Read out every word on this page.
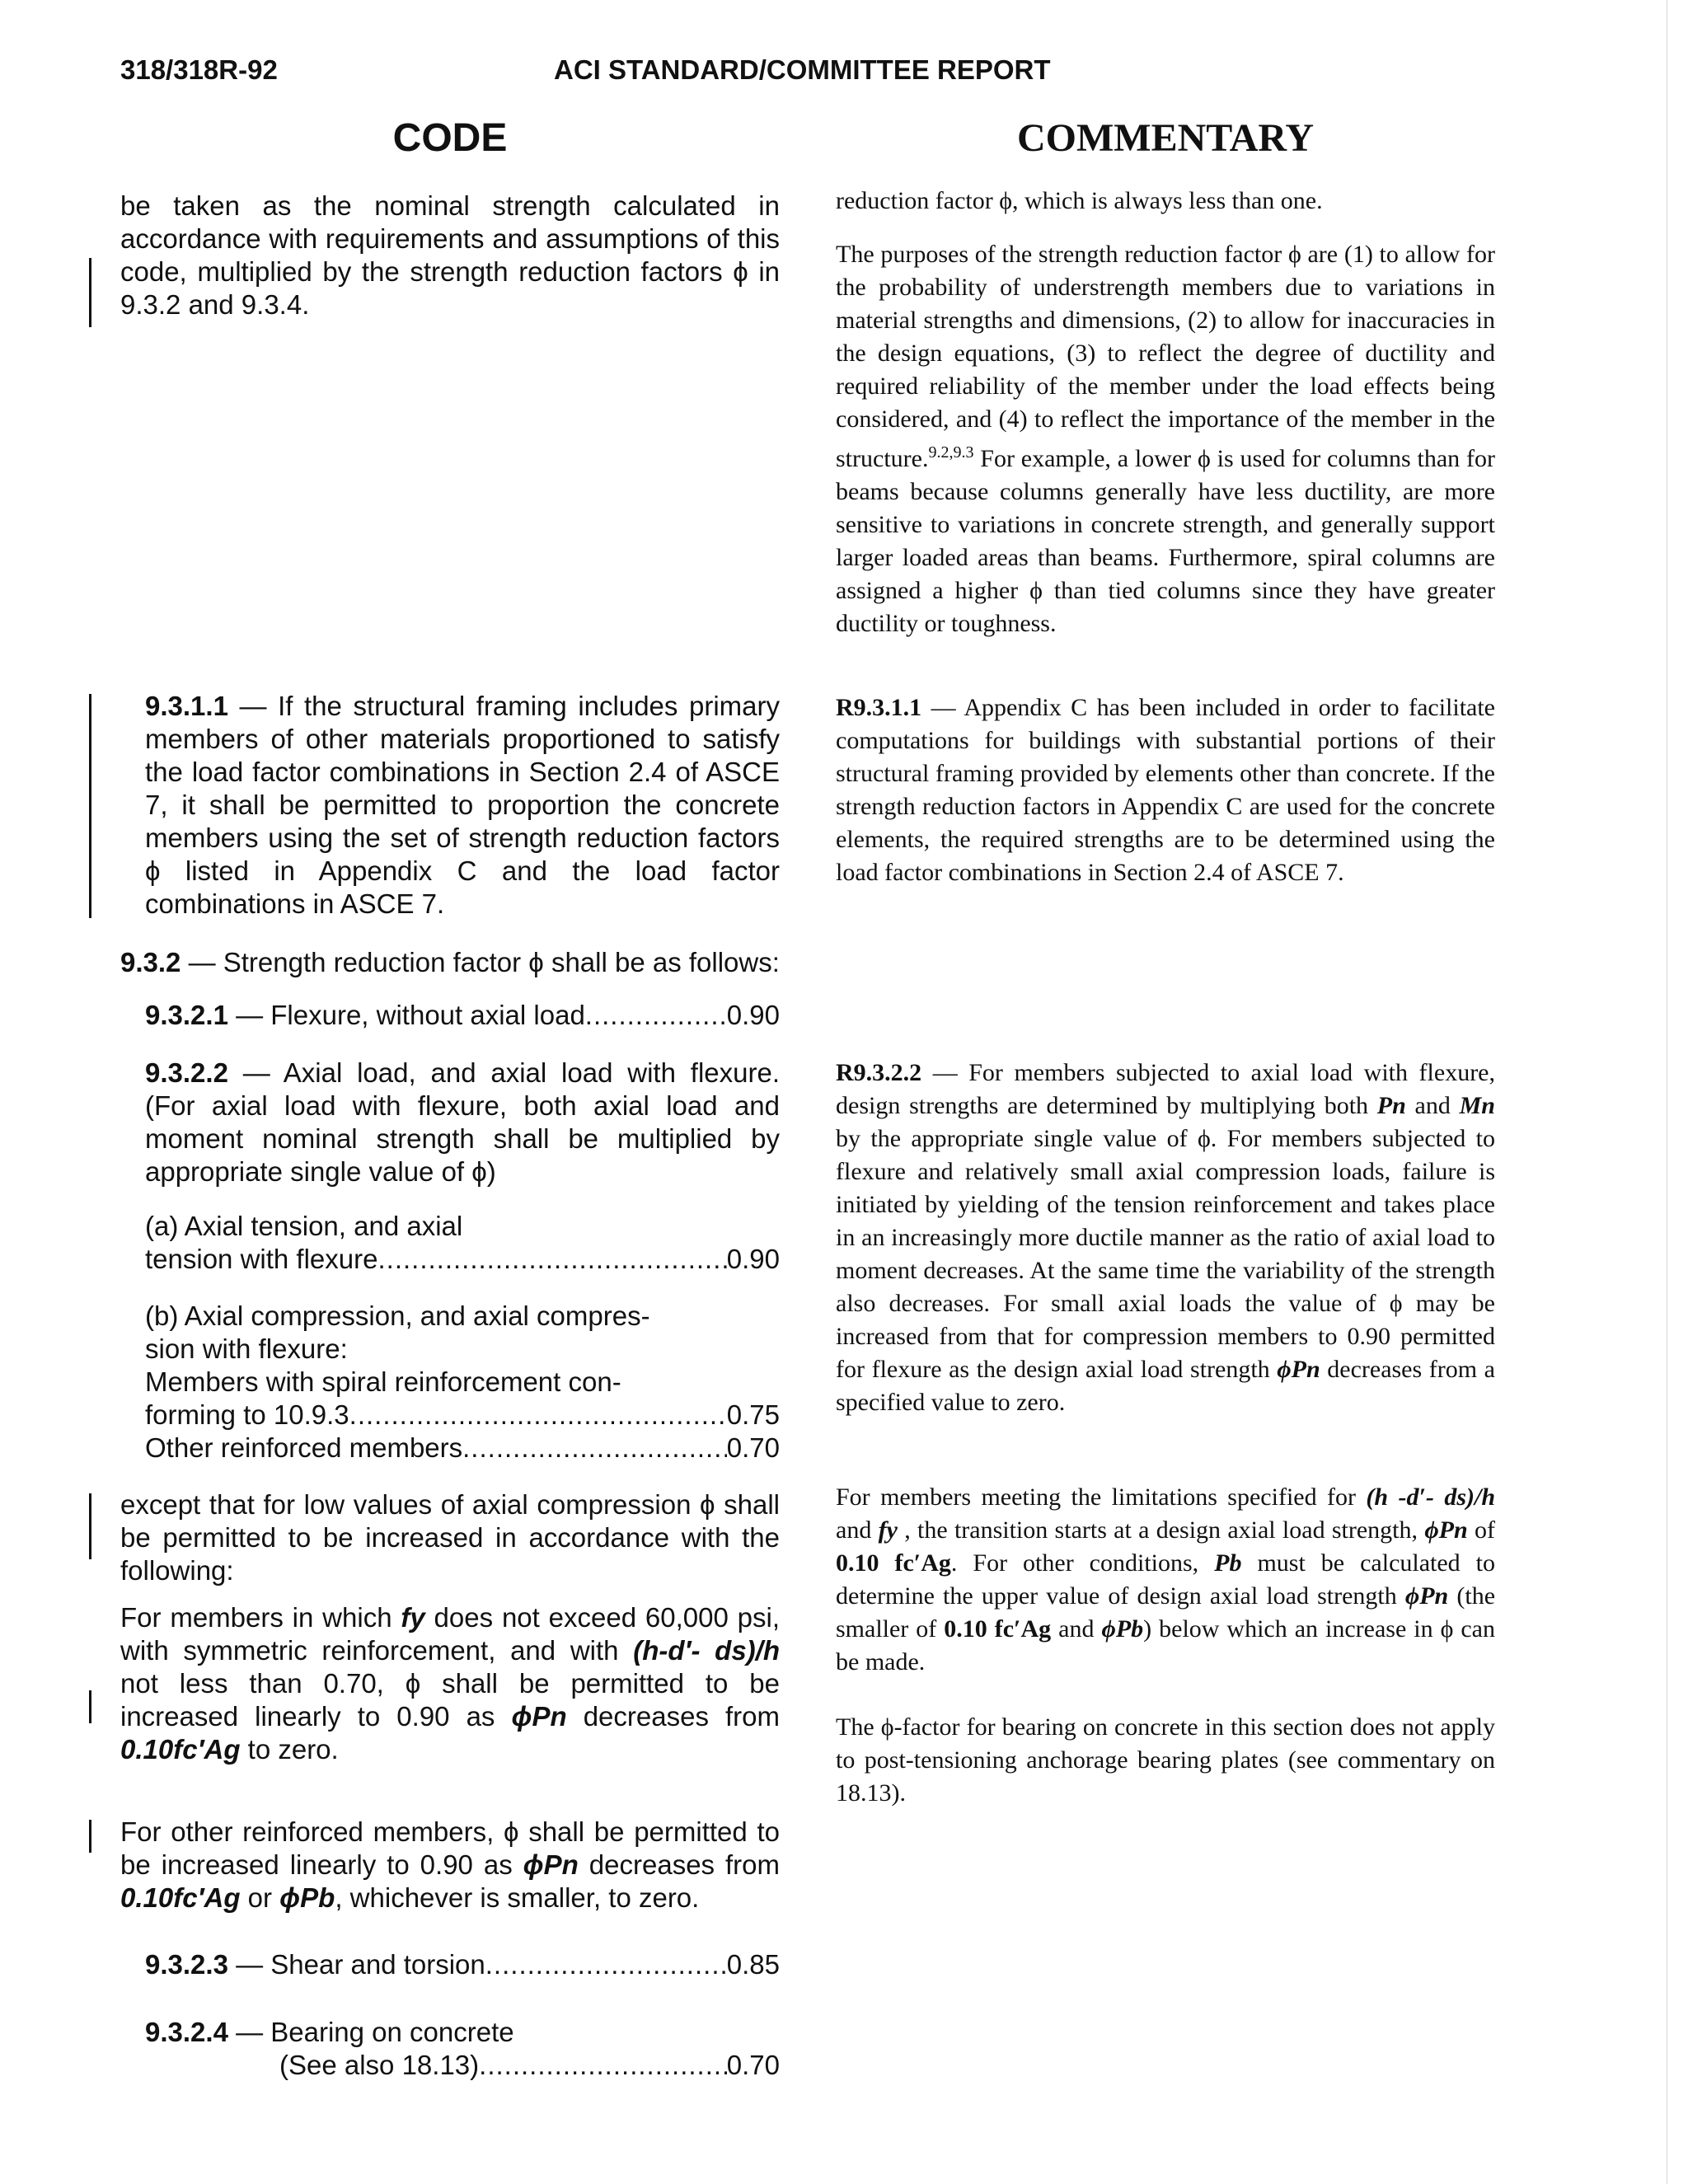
318/318R-92	ACI STANDARD/COMMITTEE REPORT
CODE	COMMENTARY

be taken as the nominal strength calculated in accordance with requirements and assumptions of this code, multiplied by the strength reduction factors ϕ in 9.3.2 and 9.3.4.

9.3.1.1 — If the structural framing includes primary members of other materials proportioned to satisfy the load factor combinations in Section 2.4 of ASCE 7, it shall be permitted to proportion the concrete members using the set of strength reduction factors ϕ listed in Appendix C and the load factor combinations in ASCE 7.

9.3.2 — Strength reduction factor ϕ shall be as follows:

9.3.2.1 — Flexure, without axial load .....	0.90

9.3.2.2 — Axial load, and axial load with flexure. (For axial load with flexure, both axial load and moment nominal strength shall be multiplied by appropriate single value of ϕ)

(a) Axial tension, and axial
tension with flexure .....	0.90
(b) Axial compression, and axial compres-
sion with flexure:
Members with spiral reinforcement con-
forming to 10.9.3 .....	0.75
Other reinforced members .....	0.70

except that for low values of axial compression ϕ shall be permitted to be increased in accordance with the following:

For members in which fy does not exceed 60,000 psi, with symmetric reinforcement, and with (h-d′- ds)/h not less than 0.70, ϕ shall be permitted to be increased linearly to 0.90 as ϕPn decreases from 0.10fc′Ag to zero.

For other reinforced members, ϕ shall be permitted to be increased linearly to 0.90 as ϕPn decreases from 0.10fc′Ag or ϕPb, whichever is smaller, to zero.

9.3.2.3 — Shear and torsion .....	0.85
9.3.2.4 — Bearing on concrete
(See also 18.13) .....	0.70

reduction factor ϕ, which is always less than one.

The purposes of the strength reduction factor ϕ are (1) to allow for the probability of understrength members due to variations in material strengths and dimensions, (2) to allow for inaccuracies in the design equations, (3) to reflect the degree of ductility and required reliability of the member under the load effects being considered, and (4) to reflect the importance of the member in the structure.$^{9.2,9.3}$ For example, a lower ϕ is used for columns than for beams because columns generally have less ductility, are more sensitive to variations in concrete strength, and generally support larger loaded areas than beams. Furthermore, spiral columns are assigned a higher ϕ than tied columns since they have greater ductility or toughness.

R9.3.1.1 — Appendix C has been included in order to facilitate computations for buildings with substantial portions of their structural framing provided by elements other than concrete. If the strength reduction factors in Appendix C are used for the concrete elements, the required strengths are to be determined using the load factor combinations in Section 2.4 of ASCE 7.

R9.3.2.2 — For members subjected to axial load with flexure, design strengths are determined by multiplying both Pn and Mn by the appropriate single value of ϕ. For members subjected to flexure and relatively small axial compression loads, failure is initiated by yielding of the tension reinforcement and takes place in an increasingly more ductile manner as the ratio of axial load to moment decreases. At the same time the variability of the strength also decreases. For small axial loads the value of ϕ may be increased from that for compression members to 0.90 permitted for flexure as the design axial load strength ϕPn decreases from a specified value to zero.

For members meeting the limitations specified for (h -d′- ds)/h and fy , the transition starts at a design axial load strength, ϕPn of 0.10 fc′Ag. For other conditions, Pb must be calculated to determine the upper value of design axial load strength ϕPn (the smaller of 0.10 fc′Ag and ϕPb) below which an increase in ϕ can be made.

The ϕ-factor for bearing on concrete in this section does not apply to post-tensioning anchorage bearing plates (see commentary on 18.13).
